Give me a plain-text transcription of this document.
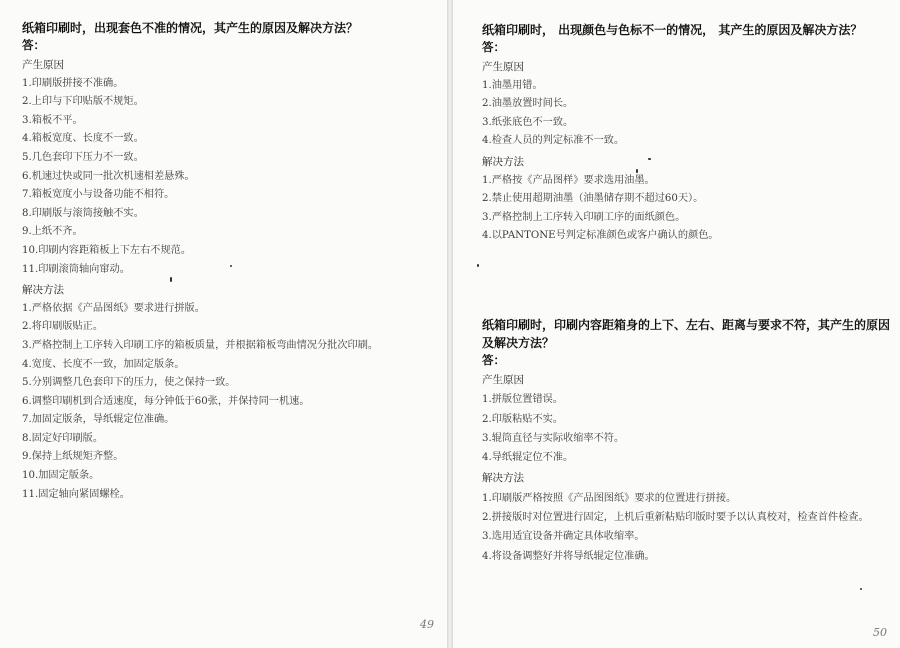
纸箱印刷时，出现套色不准的情况，其产生的原因及解决方法？
答：
产生原因
1.印刷版拼接不准确。
2.上印与下印贴版不规矩。
3.箱板不平。
4.箱板宽度、长度不一致。
5.几色套印下压力不一致。
6.机速过快或同一批次机速相差悬殊。
7.箱板宽度小与设备功能不相符。
8.印刷版与滚筒接触不实。
9.上纸不齐。
10.印刷内容距箱板上下左右不规范。
11.印刷滚筒轴向窜动。
解决方法
1.严格依据《产品图纸》要求进行拼版。
2.将印刷版贴正。
3.严格控制上工序转入印刷工序的箱板质量，并根据箱板弯曲情况分批次印刷。
4.宽度、长度不一致，加固定版条。
5.分别调整几色套印下的压力，使之保持一致。
6.调整印刷机到合适速度，每分钟低于60张，并保持同一机速。
7.加固定版条，导纸辊定位准确。
8.固定好印刷版。
9.保持上纸规矩齐整。
10.加固定版条。
11.固定轴向紧固螺栓。
49
纸箱印刷时， 出现颜色与色标不一的情况， 其产生的原因及解决方法？
答：
产生原因
1.油墨用错。
2.油墨放置时间长。
3.纸张底色不一致。
4.检查人员的判定标准不一致。
解决方法
1.严格按《产品图样》要求选用油墨。
2.禁止使用超期油墨（油墨储存期不超过60天）。
3.严格控制上工序转入印刷工序的面纸颜色。
4.以PANTONE号判定标准颜色或客户确认的颜色。
纸箱印刷时，印刷内容距箱身的上下、左右、距离与要求不符，其产生的原因及解决方法？
答：
产生原因
1.拼版位置错误。
2.印版粘贴不实。
3.辊筒直径与实际收缩率不符。
4.导纸辊定位不准。
解决方法
1.印刷版严格按照《产品图图纸》要求的位置进行拼接。
2.拼接版时对位置进行固定，上机后重新粘贴印版时要予以认真校对，检查首件检查。
3.选用适宜设备并确定具体收缩率。
4.将设备调整好并将导纸辊定位准确。
50
